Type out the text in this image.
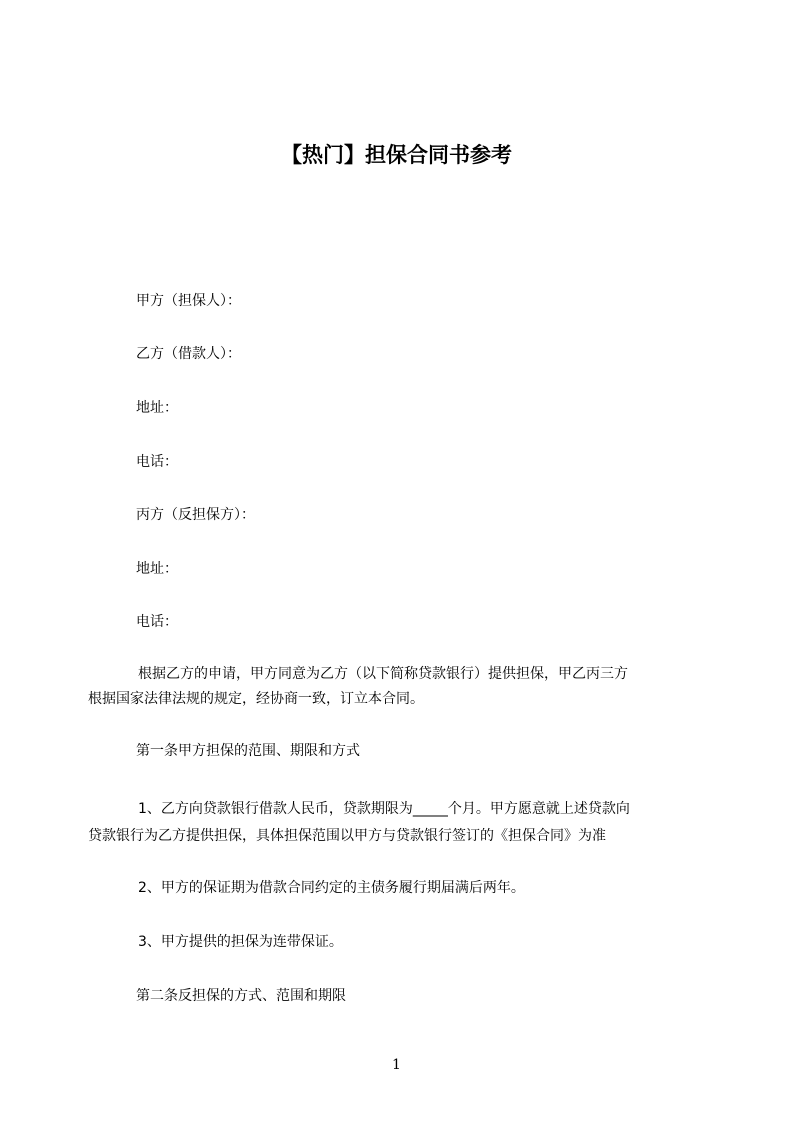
【热门】担保合同书参考
甲方（担保人）：
乙方（借款人）：
地址：
电话：
丙方（反担保方）：
地址：
电话：
根据乙方的申请，甲方同意为乙方（以下简称贷款银行）提供担保，甲乙丙三方
根据国家法律法规的规定，经协商一致，订立本合同。
第一条甲方担保的范围、期限和方式
1、乙方向贷款银行借款人民币，贷款期限为_____个月。甲方愿意就上述贷款向
贷款银行为乙方提供担保，具体担保范围以甲方与贷款银行签订的《担保合同》为准
2、甲方的保证期为借款合同约定的主债务履行期届满后两年。
3、甲方提供的担保为连带保证。
第二条反担保的方式、范围和期限
1
